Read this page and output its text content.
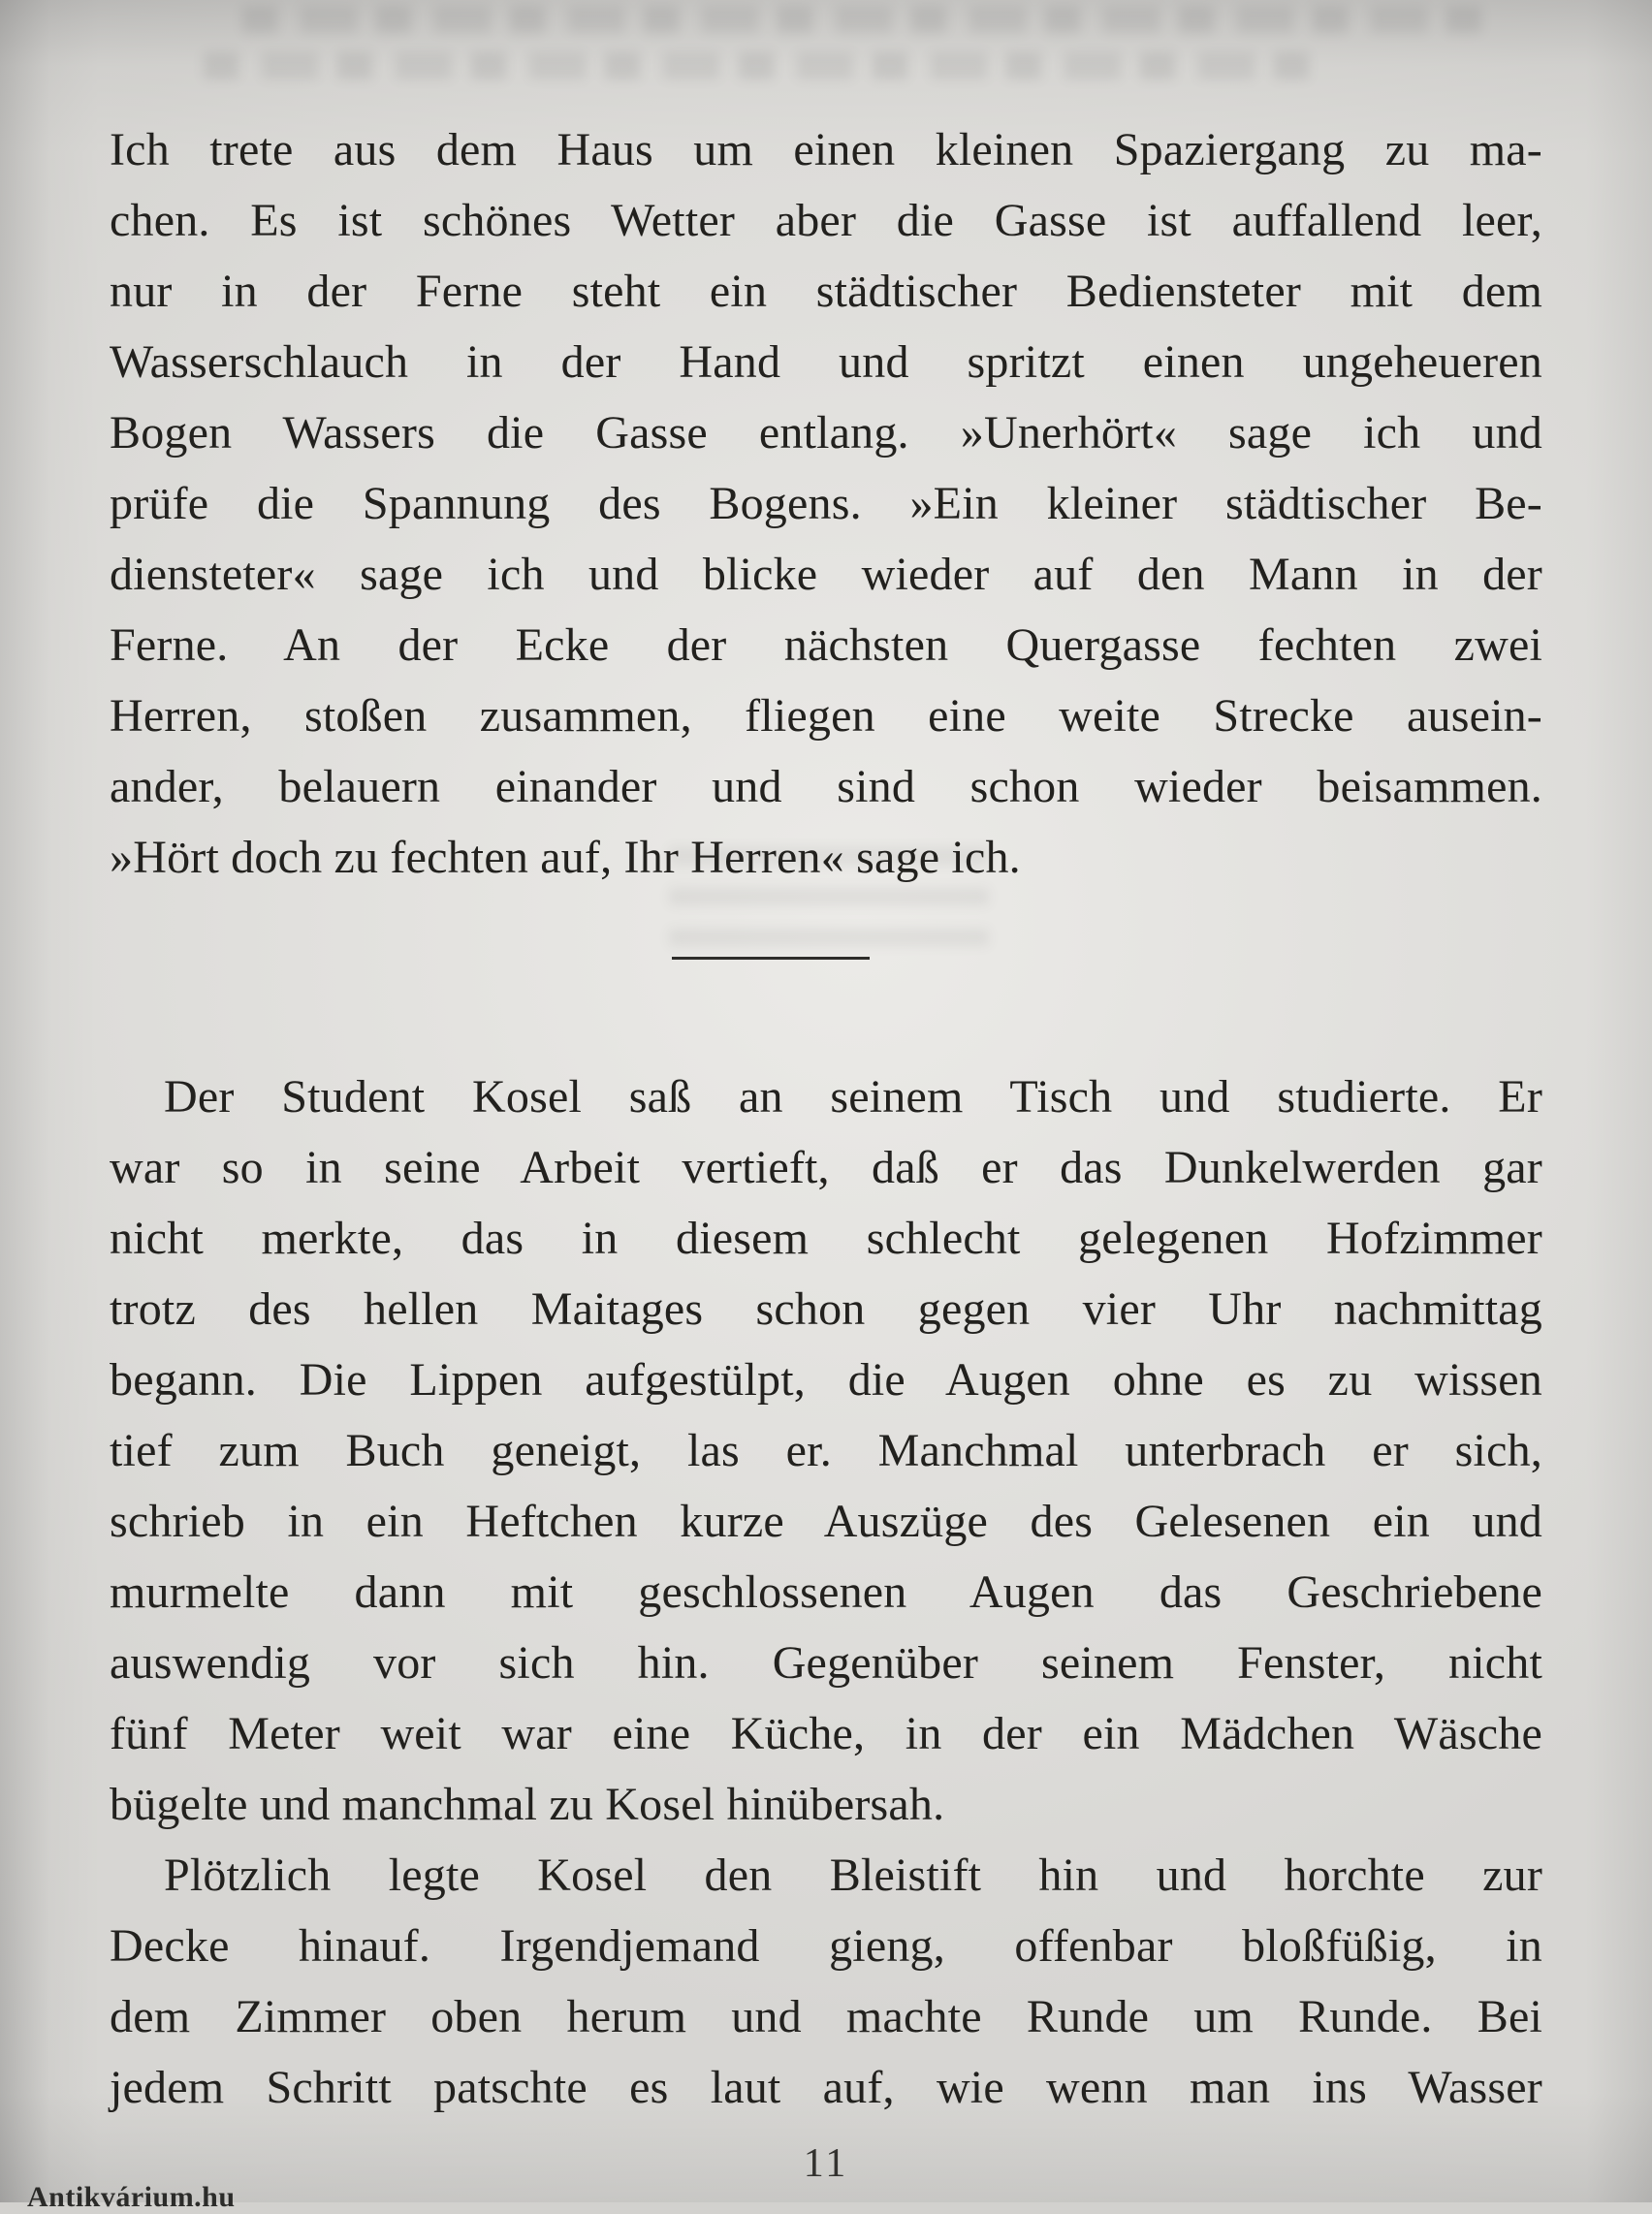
Ich trete aus dem Haus um einen kleinen Spaziergang zu ma-
chen. Es ist schönes Wetter aber die Gasse ist auffallend leer,
nur in der Ferne steht ein städtischer Bediensteter mit dem
Wasserschlauch in der Hand und spritzt einen ungeheueren
Bogen Wassers die Gasse entlang. »Unerhört« sage ich und
prüfe die Spannung des Bogens. »Ein kleiner städtischer Be-
diensteter« sage ich und blicke wieder auf den Mann in der
Ferne. An der Ecke der nächsten Quergasse fechten zwei
Herren, stoßen zusammen, fliegen eine weite Strecke ausein-
ander, belauern einander und sind schon wieder beisammen.
»Hört doch zu fechten auf, Ihr Herren« sage ich.
Der Student Kosel saß an seinem Tisch und studierte. Er
war so in seine Arbeit vertieft, daß er das Dunkelwerden gar
nicht merkte, das in diesem schlecht gelegenen Hofzimmer
trotz des hellen Maitages schon gegen vier Uhr nachmittag
begann. Die Lippen aufgestülpt, die Augen ohne es zu wissen
tief zum Buch geneigt, las er. Manchmal unterbrach er sich,
schrieb in ein Heftchen kurze Auszüge des Gelesenen ein und
murmelte dann mit geschlossenen Augen das Geschriebene
auswendig vor sich hin. Gegenüber seinem Fenster, nicht
fünf Meter weit war eine Küche, in der ein Mädchen Wäsche
bügelte und manchmal zu Kosel hinübersah.
Plötzlich legte Kosel den Bleistift hin und horchte zur
Decke hinauf. Irgendjemand gieng, offenbar bloßfüßig, in
dem Zimmer oben herum und machte Runde um Runde. Bei
jedem Schritt patschte es laut auf, wie wenn man ins Wasser
11
Antikvárium.hu
